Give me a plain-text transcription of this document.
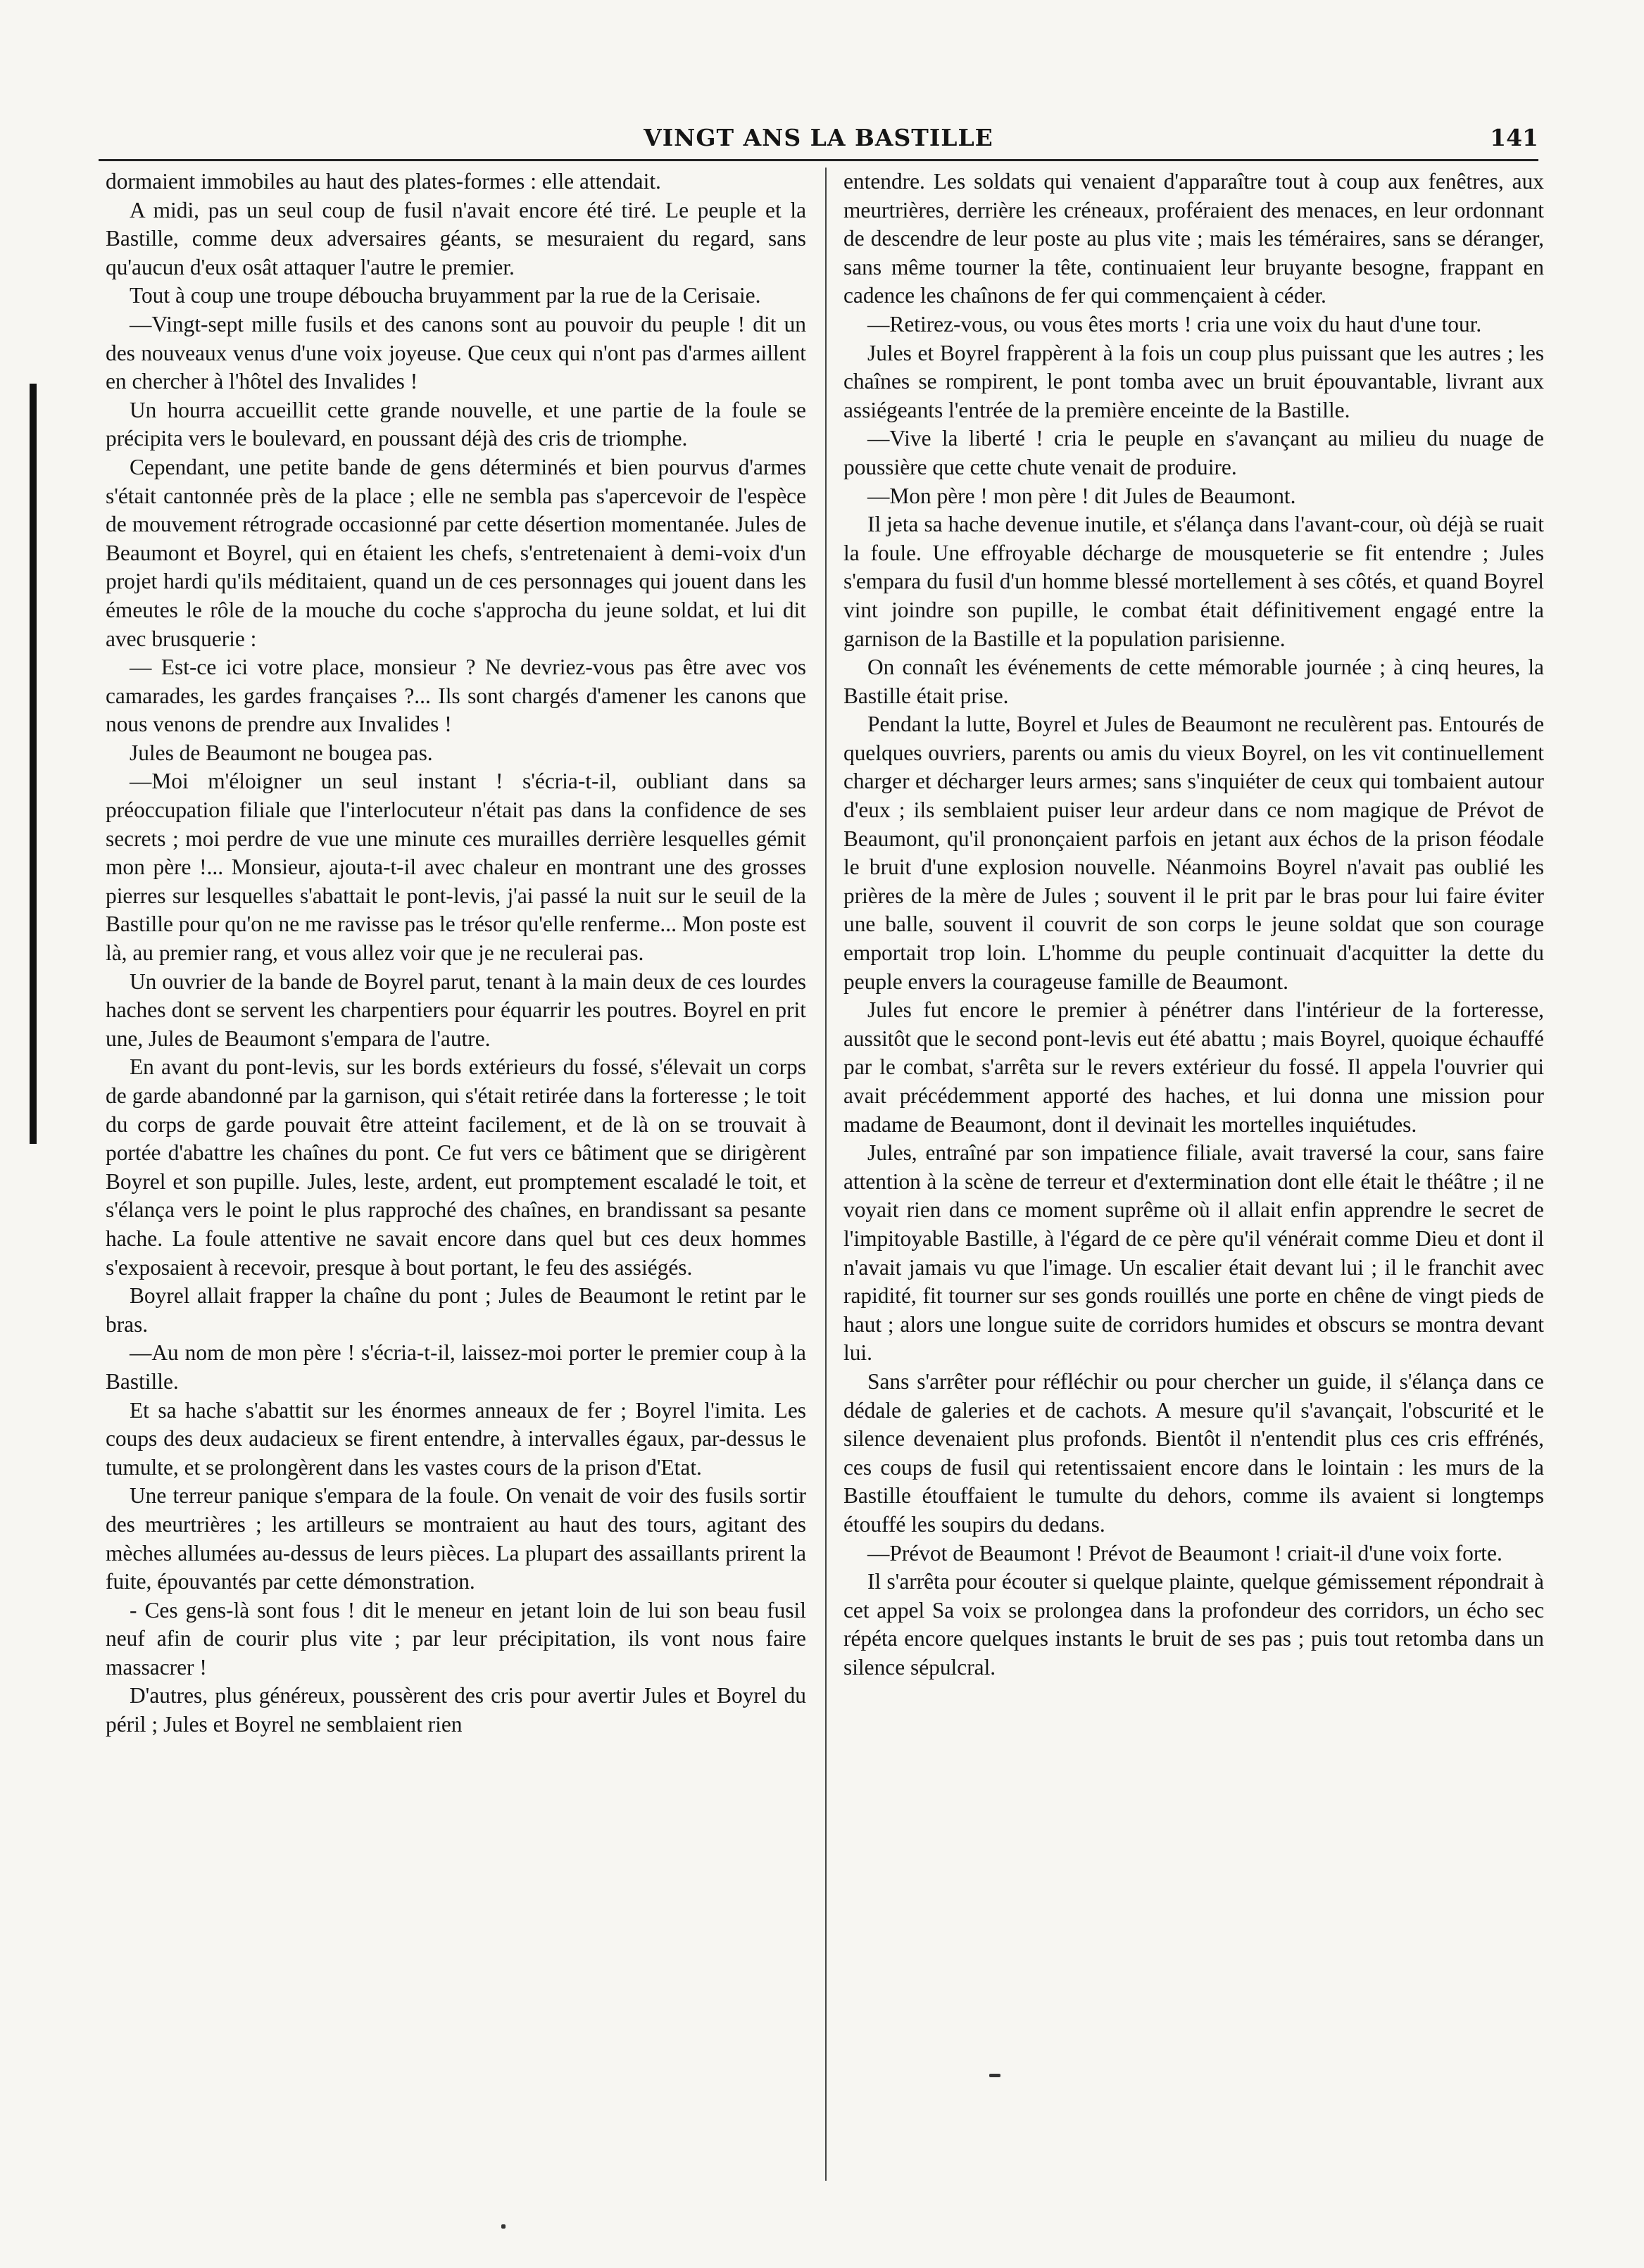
VINGT ANS LA BASTILLE	141

dormaient immobiles au haut des plates-formes : elle attendait.

A midi, pas un seul coup de fusil n'avait encore été tiré. Le peuple et la Bastille, comme deux adversaires géants, se mesuraient du regard, sans qu'aucun d'eux osât attaquer l'autre le premier.

Tout à coup une troupe déboucha bruyamment par la rue de la Cerisaie.

—Vingt-sept mille fusils et des canons sont au pouvoir du peuple ! dit un des nouveaux venus d'une voix joyeuse. Que ceux qui n'ont pas d'armes aillent en chercher à l'hôtel des Invalides !

Un hourra accueillit cette grande nouvelle, et une partie de la foule se précipita vers le boulevard, en poussant déjà des cris de triomphe.

Cependant, une petite bande de gens déterminés et bien pourvus d'armes s'était cantonnée près de la place ; elle ne sembla pas s'apercevoir de l'espèce de mouvement rétrograde occasionné par cette désertion momentanée. Jules de Beaumont et Boyrel, qui en étaient les chefs, s'entretenaient à demi-voix d'un projet hardi qu'ils méditaient, quand un de ces personnages qui jouent dans les émeutes le rôle de la mouche du coche s'approcha du jeune soldat, et lui dit avec brusquerie :

— Est-ce ici votre place, monsieur ? Ne devriez-vous pas être avec vos camarades, les gardes françaises ?... Ils sont chargés d'amener les canons que nous venons de prendre aux Invalides !

Jules de Beaumont ne bougea pas.

—Moi m'éloigner un seul instant ! s'écria-t-il, oubliant dans sa préoccupation filiale que l'interlocuteur n'était pas dans la confidence de ses secrets ; moi perdre de vue une minute ces murailles derrière lesquelles gémit mon père !... Monsieur, ajouta-t-il avec chaleur en montrant une des grosses pierres sur lesquelles s'abattait le pont-levis, j'ai passé la nuit sur le seuil de la Bastille pour qu'on ne me ravisse pas le trésor qu'elle renferme... Mon poste est là, au premier rang, et vous allez voir que je ne reculerai pas.

Un ouvrier de la bande de Boyrel parut, tenant à la main deux de ces lourdes haches dont se servent les charpentiers pour équarrir les poutres. Boyrel en prit une, Jules de Beaumont s'empara de l'autre.

En avant du pont-levis, sur les bords extérieurs du fossé, s'élevait un corps de garde abandonné par la garnison, qui s'était retirée dans la forteresse ; le toit du corps de garde pouvait être atteint facilement, et de là on se trouvait à portée d'abattre les chaînes du pont. Ce fut vers ce bâtiment que se dirigèrent Boyrel et son pupille. Jules, leste, ardent, eut promptement escaladé le toit, et s'élança vers le point le plus rapproché des chaînes, en brandissant sa pesante hache. La foule attentive ne savait encore dans quel but ces deux hommes s'exposaient à recevoir, presque à bout portant, le feu des assiégés.

Boyrel allait frapper la chaîne du pont ; Jules de Beaumont le retint par le bras.

—Au nom de mon père ! s'écria-t-il, laissez-moi porter le premier coup à la Bastille.

Et sa hache s'abattit sur les énormes anneaux de fer ; Boyrel l'imita. Les coups des deux audacieux se firent entendre, à intervalles égaux, par-dessus le tumulte, et se prolongèrent dans les vastes cours de la prison d'Etat.

Une terreur panique s'empara de la foule. On venait de voir des fusils sortir des meurtrières ; les artilleurs se montraient au haut des tours, agitant des mèches allumées au-dessus de leurs pièces. La plupart des assaillants prirent la fuite, épouvantés par cette démonstration.

- Ces gens-là sont fous ! dit le meneur en jetant loin de lui son beau fusil neuf afin de courir plus vite ; par leur précipitation, ils vont nous faire massacrer !

D'autres, plus généreux, poussèrent des cris pour avertir Jules et Boyrel du péril ; Jules et Boyrel ne semblaient rien

entendre. Les soldats qui venaient d'apparaître tout à coup aux fenêtres, aux meurtrières, derrière les créneaux, proféraient des menaces, en leur ordonnant de descendre de leur poste au plus vite ; mais les téméraires, sans se déranger, sans même tourner la tête, continuaient leur bruyante besogne, frappant en cadence les chaînons de fer qui commençaient à céder.

—Retirez-vous, ou vous êtes morts ! cria une voix du haut d'une tour.

Jules et Boyrel frappèrent à la fois un coup plus puissant que les autres ; les chaînes se rompirent, le pont tomba avec un bruit épouvantable, livrant aux assiégeants l'entrée de la première enceinte de la Bastille.

—Vive la liberté ! cria le peuple en s'avançant au milieu du nuage de poussière que cette chute venait de produire.

—Mon père ! mon père ! dit Jules de Beaumont.

Il jeta sa hache devenue inutile, et s'élança dans l'avant-cour, où déjà se ruait la foule. Une effroyable décharge de mousqueterie se fit entendre ; Jules s'empara du fusil d'un homme blessé mortellement à ses côtés, et quand Boyrel vint joindre son pupille, le combat était définitivement engagé entre la garnison de la Bastille et la population parisienne.

On connaît les événements de cette mémorable journée ; à cinq heures, la Bastille était prise.

Pendant la lutte, Boyrel et Jules de Beaumont ne reculèrent pas. Entourés de quelques ouvriers, parents ou amis du vieux Boyrel, on les vit continuellement charger et décharger leurs armes; sans s'inquiéter de ceux qui tombaient autour d'eux ; ils semblaient puiser leur ardeur dans ce nom magique de Prévot de Beaumont, qu'il prononçaient parfois en jetant aux échos de la prison féodale le bruit d'une explosion nouvelle. Néanmoins Boyrel n'avait pas oublié les prières de la mère de Jules ; souvent il le prit par le bras pour lui faire éviter une balle, souvent il couvrit de son corps le jeune soldat que son courage emportait trop loin. L'homme du peuple continuait d'acquitter la dette du peuple envers la courageuse famille de Beaumont.

Jules fut encore le premier à pénétrer dans l'intérieur de la forteresse, aussitôt que le second pont-levis eut été abattu ; mais Boyrel, quoique échauffé par le combat, s'arrêta sur le revers extérieur du fossé. Il appela l'ouvrier qui avait précédemment apporté des haches, et lui donna une mission pour madame de Beaumont, dont il devinait les mortelles inquiétudes.

Jules, entraîné par son impatience filiale, avait traversé la cour, sans faire attention à la scène de terreur et d'extermination dont elle était le théâtre ; il ne voyait rien dans ce moment suprême où il allait enfin apprendre le secret de l'impitoyable Bastille, à l'égard de ce père qu'il vénérait comme Dieu et dont il n'avait jamais vu que l'image. Un escalier était devant lui ; il le franchit avec rapidité, fit tourner sur ses gonds rouillés une porte en chêne de vingt pieds de haut ; alors une longue suite de corridors humides et obscurs se montra devant lui.

Sans s'arrêter pour réfléchir ou pour chercher un guide, il s'élança dans ce dédale de galeries et de cachots. A mesure qu'il s'avançait, l'obscurité et le silence devenaient plus profonds. Bientôt il n'entendit plus ces cris effrénés, ces coups de fusil qui retentissaient encore dans le lointain : les murs de la Bastille étouffaient le tumulte du dehors, comme ils avaient si longtemps étouffé les soupirs du dedans.

—Prévot de Beaumont ! Prévot de Beaumont ! criait-il d'une voix forte.

Il s'arrêta pour écouter si quelque plainte, quelque gémissement répondrait à cet appel Sa voix se prolongea dans la profondeur des corridors, un écho sec répéta encore quelques instants le bruit de ses pas ; puis tout retomba dans un silence sépulcral.
